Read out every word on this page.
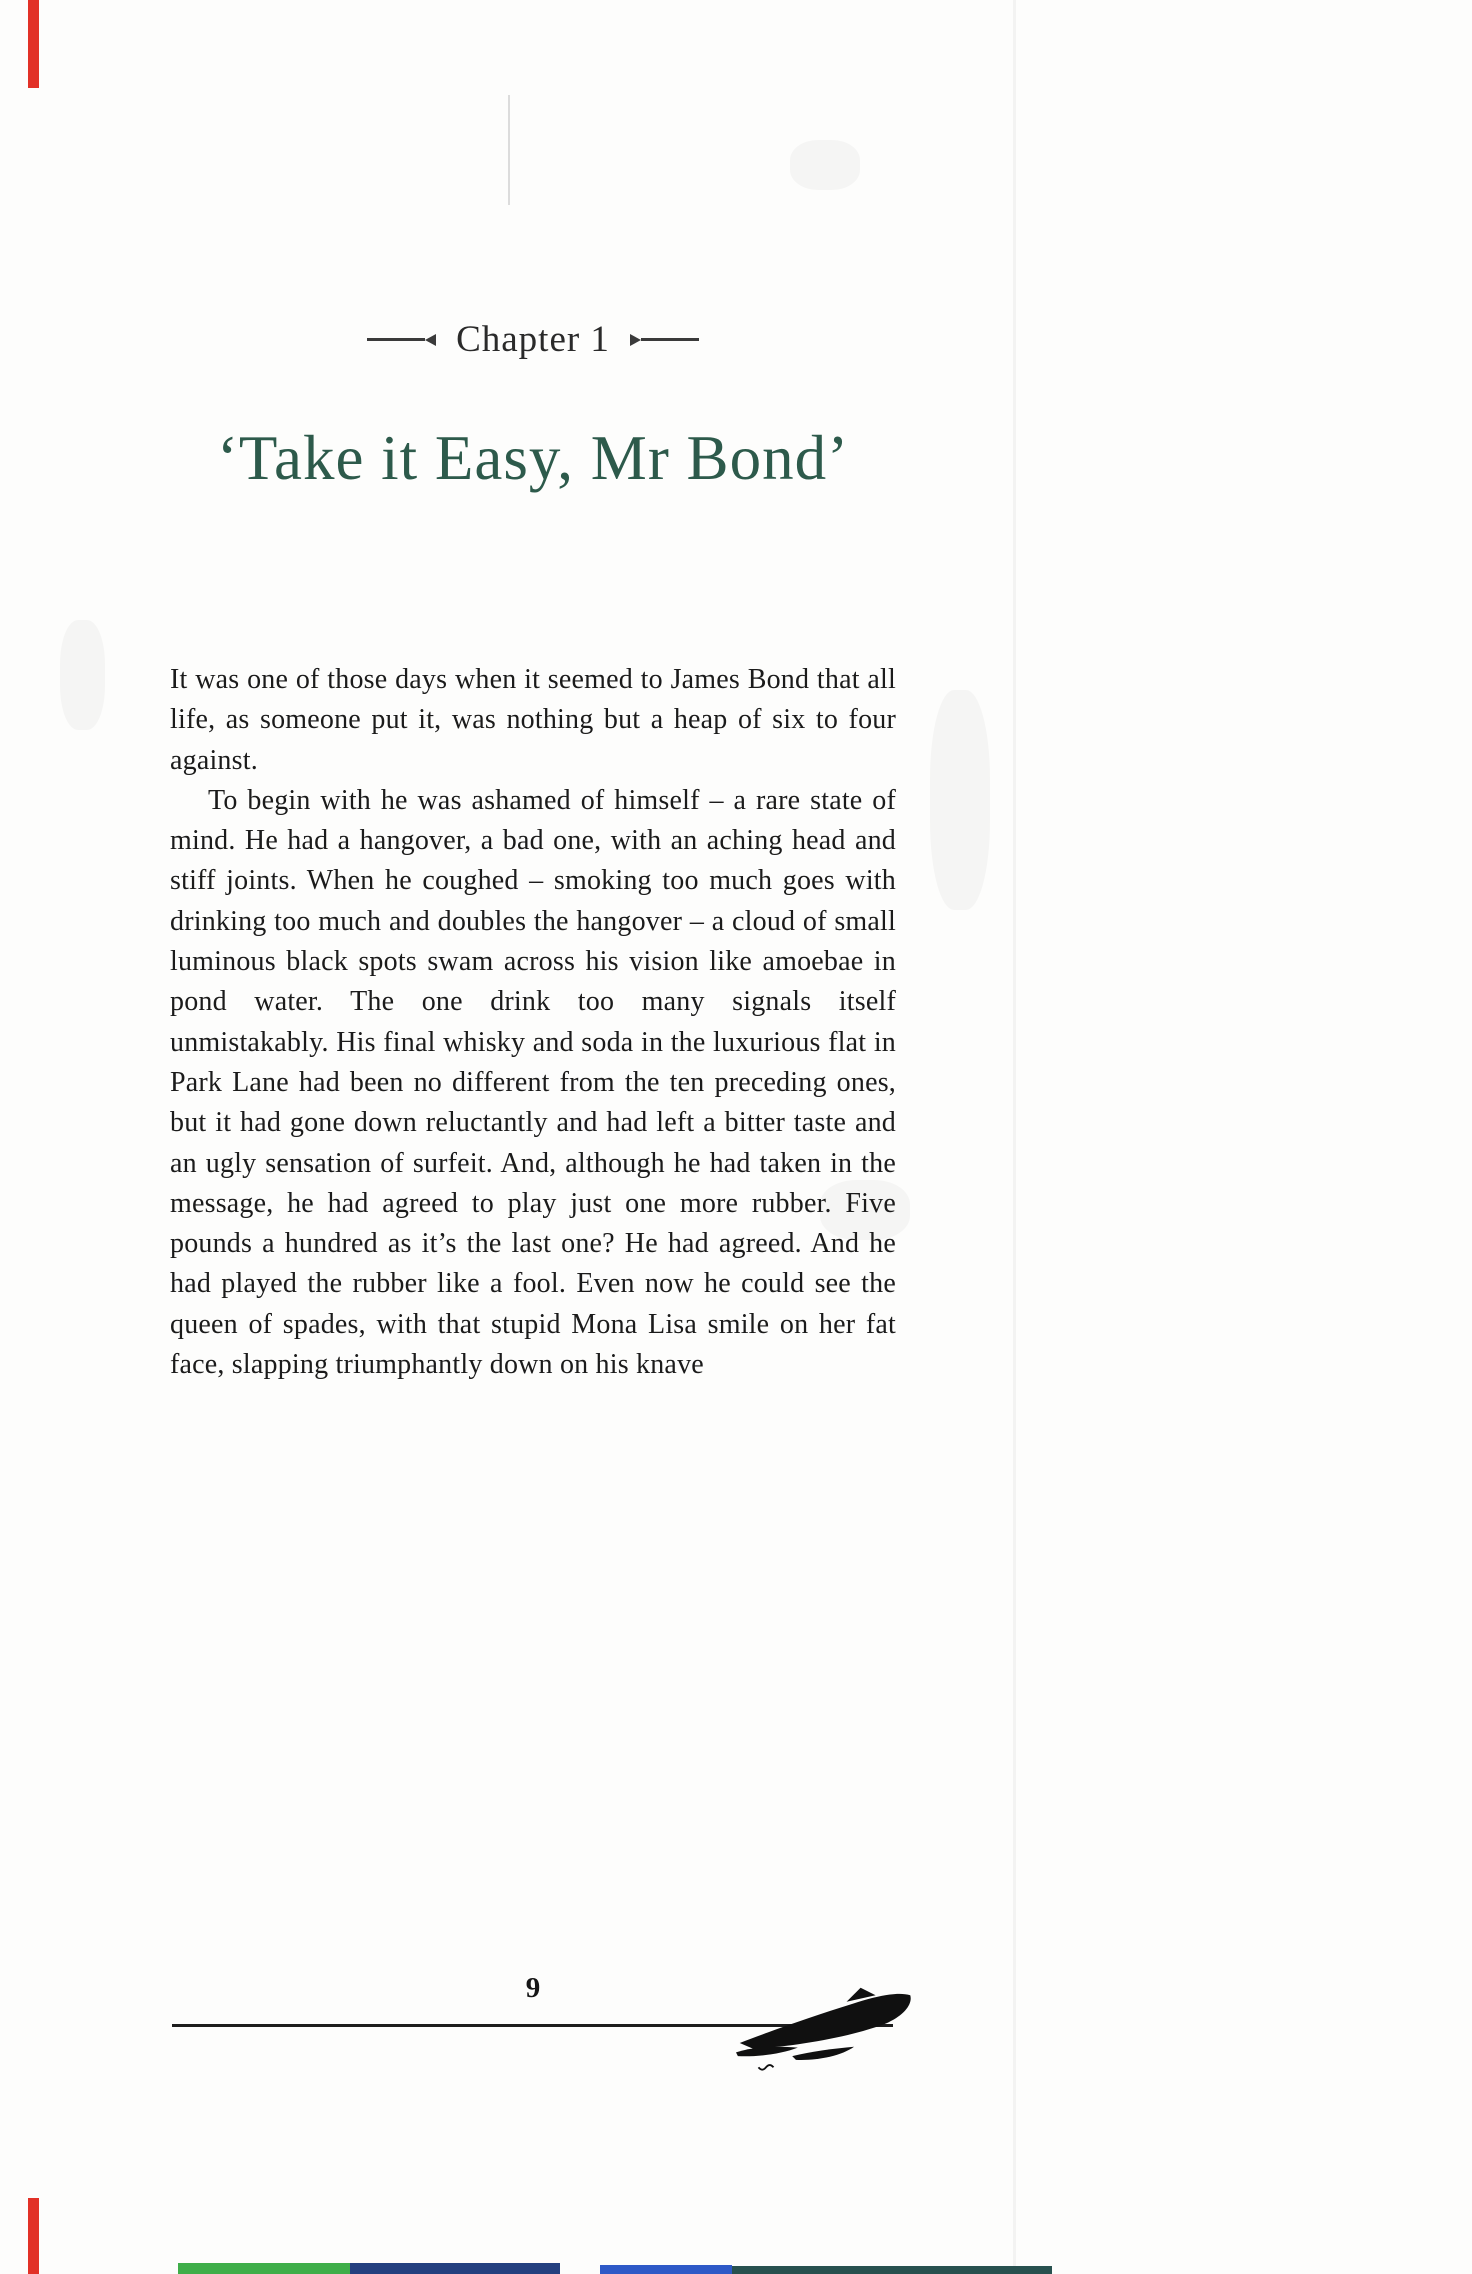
Chapter 1
‘Take it Easy, Mr Bond’

It was one of those days when it seemed to James Bond that all life, as someone put it, was nothing but a heap of six to four against.

To begin with he was ashamed of himself – a rare state of mind. He had a hangover, a bad one, with an aching head and stiff joints. When he coughed – smoking too much goes with drinking too much and doubles the hangover – a cloud of small luminous black spots swam across his vision like amoebae in pond water. The one drink too many signals itself unmistakably. His final whisky and soda in the luxurious flat in Park Lane had been no different from the ten preceding ones, but it had gone down reluctantly and had left a bitter taste and an ugly sensation of surfeit. And, although he had taken in the message, he had agreed to play just one more rubber. Five pounds a hundred as it’s the last one? He had agreed. And he had played the rubber like a fool. Even now he could see the queen of spades, with that stupid Mona Lisa smile on her fat face, slapping triumphantly down on his knave

9
